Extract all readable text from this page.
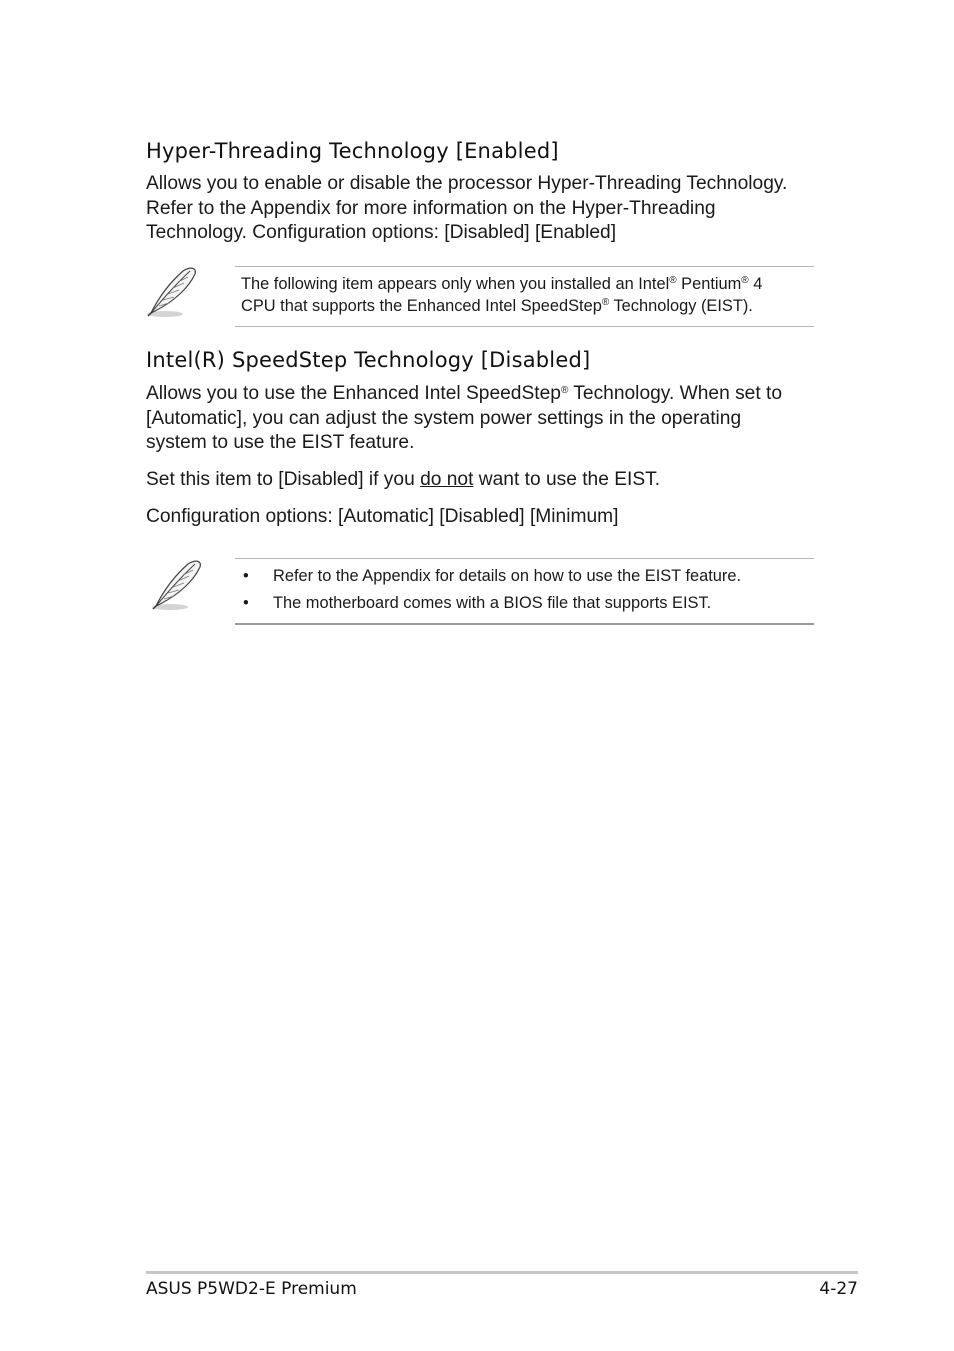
Hyper-Threading Technology [Enabled]
Allows you to enable or disable the processor Hyper-Threading Technology.
Refer to the Appendix for more information on the Hyper-Threading
Technology. Configuration options: [Disabled] [Enabled]
The following item appears only when you installed an Intel® Pentium® 4
CPU that supports the Enhanced Intel SpeedStep® Technology (EIST).
Intel(R) SpeedStep Technology [Disabled]
Allows you to use the Enhanced Intel SpeedStep® Technology. When set to
[Automatic], you can adjust the system power settings in the operating
system to use the EIST feature.
Set this item to [Disabled] if you do not want to use the EIST.
Configuration options: [Automatic] [Disabled] [Minimum]
• Refer to the Appendix for details on how to use the EIST feature.
• The motherboard comes with a BIOS file that supports EIST.
ASUS P5WD2-E Premium	4-27
